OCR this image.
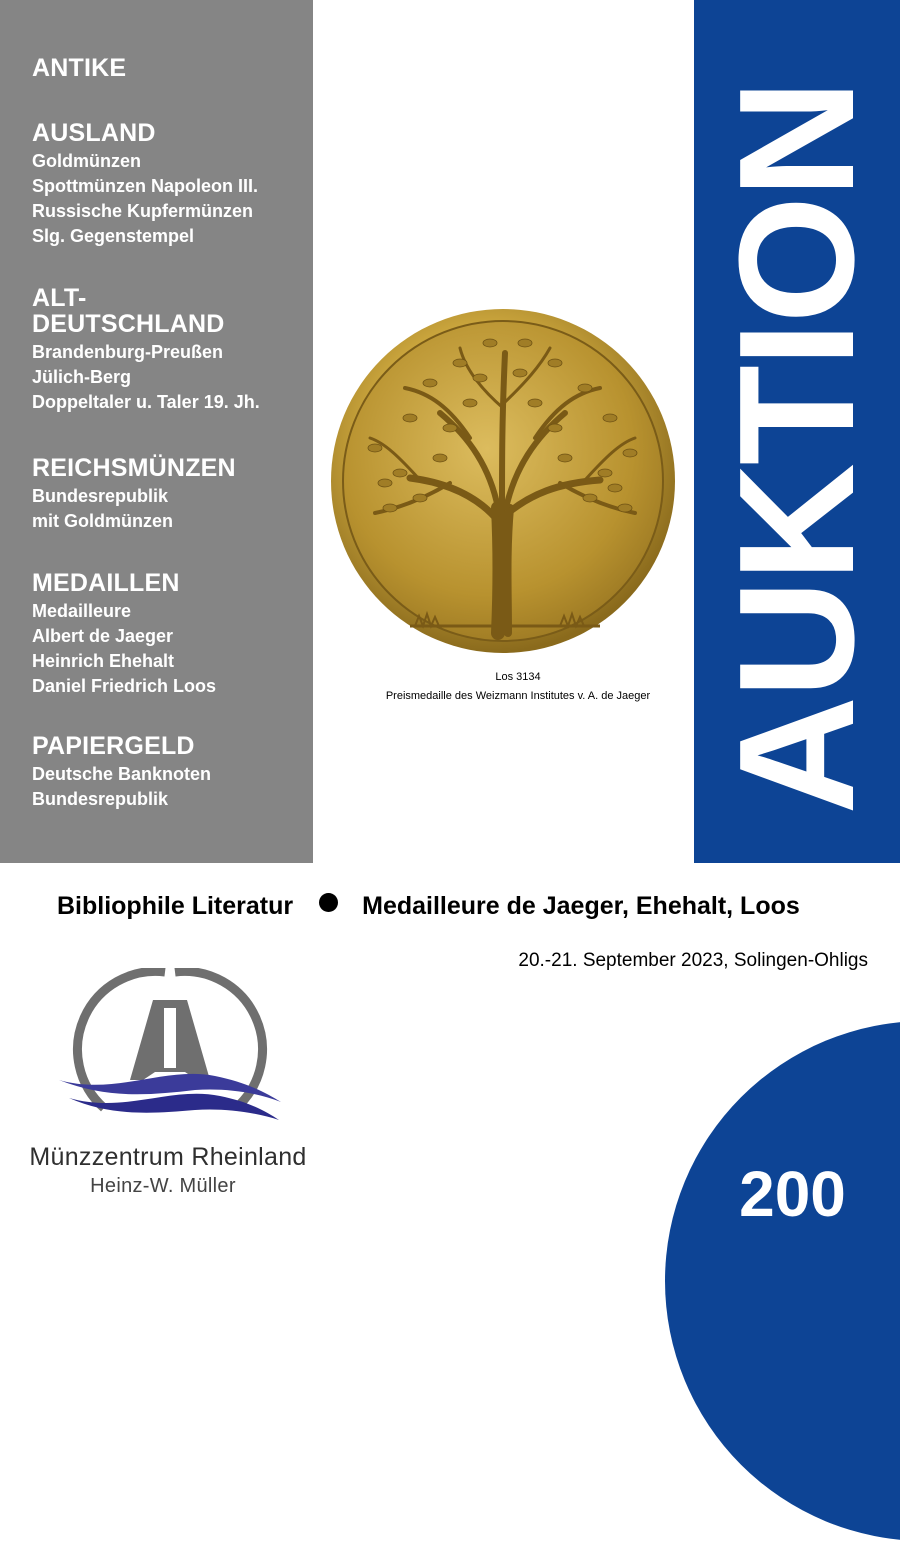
ANTIKE
AUSLAND
Goldmünzen
Spottmünzen Napoleon III.
Russische Kupfermünzen
Slg. Gegenstempel
ALT-
DEUTSCHLAND
Brandenburg-Preußen
Jülich-Berg
Doppeltaler u. Taler 19. Jh.
REICHSMÜNZEN
Bundesrepublik
mit Goldmünzen
MEDAILLEN
Medailleure
Albert de Jaeger
Heinrich Ehehalt
Daniel Friedrich Loos
PAPIERGELD
Deutsche Banknoten
Bundesrepublik	AUKTION
Los 3134
Preismedaille des Weizmann Institutes v. A. de Jaeger
Bibliophile Literatur	Medailleure de Jaeger, Ehehalt, Loos
20.-21. September 2023, Solingen-Ohligs
Münzzentrum Rheinland
Heinz-W. Müller	200
